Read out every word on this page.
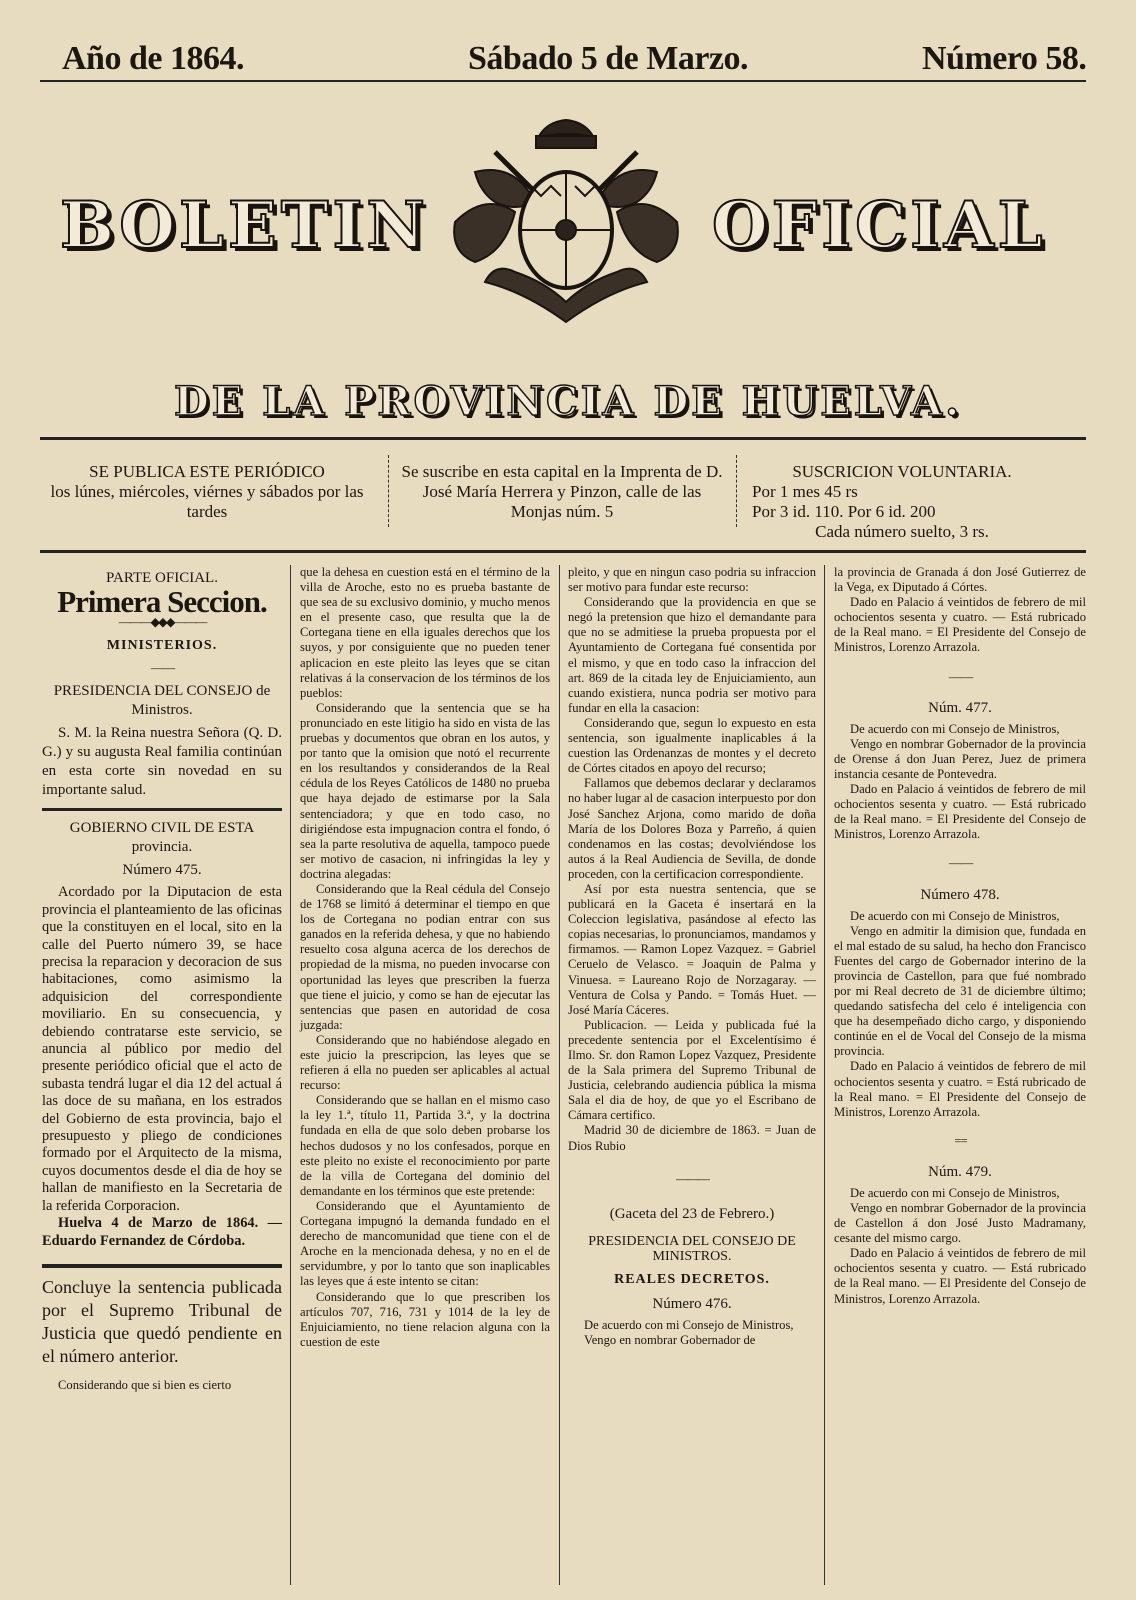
Año de 1864.	Sábado 5 de Marzo.	Número 58.
BOLETIN	OFICIAL
DE LA PROVINCIA DE HUELVA.
SE PUBLICA ESTE PERIÓDICO
los lúnes, miércoles, viérnes y sábados por las tardes
Se suscribe en esta capital en la Imprenta de D. José María Herrera y Pinzon, calle de las Monjas núm. 5
SUSCRICION VOLUNTARIA.
Por 1 mes 45 rs
Por 3 id. 110. Por 6 id. 200
Cada número suelto, 3 rs.

PARTE OFICIAL.

Primera Seccion.
———◆◆◆———
MINISTERIOS.
— —

PRESIDENCIA DEL CONSEJO de Ministros.

S. M. la Reina nuestra Señora (Q. D. G.) y su augusta Real familia continúan en esta corte sin novedad en su importante salud.

GOBIERNO CIVIL DE ESTA provincia.

Número 475.

Acordado por la Diputacion de esta provincia el planteamiento de las oficinas que la constituyen en el local, sito en la calle del Puerto número 39, se hace precisa la reparacion y decoracion de sus habitaciones, como asimismo la adquisicion del correspondiente moviliario. En su consecuencia, y debiendo contratarse este servicio, se anuncia al público por medio del presente periódico oficial que el acto de subasta tendrá lugar el dia 12 del actual á las doce de su mañana, en los estrados del Gobierno de esta provincia, bajo el presupuesto y pliego de condiciones formado por el Arquitecto de la misma, cuyos documentos desde el dia de hoy se hallan de manifiesto en la Secretaria de la referida Corporacion.

Huelva 4 de Marzo de 1864. — Eduardo Fernandez de Córdoba.

Concluye la sentencia publicada por el Supremo Tribunal de Justicia que quedó pendiente en el número anterior.

Considerando que si bien es cierto

que la dehesa en cuestion está en el término de la villa de Aroche, esto no es prueba bastante de que sea de su exclusivo dominio, y mucho menos en el presente caso, que resulta que la de Cortegana tiene en ella iguales derechos que los suyos, y por consiguiente que no pueden tener aplicacion en este pleito las leyes que se citan relativas á la conservacion de los términos de los pueblos:

Considerando que la sentencia que se ha pronunciado en este litigio ha sido en vista de las pruebas y documentos que obran en los autos, y por tanto que la omision que notó el recurrente en los resultandos y considerandos de la Real cédula de los Reyes Católicos de 1480 no prueba que haya dejado de estimarse por la Sala sentenciadora; y que en todo caso, no dirigiéndose esta impugnacion contra el fondo, ó sea la parte resolutiva de aquella, tampoco puede ser motivo de casacion, ni infringidas la ley y doctrina alegadas:

Considerando que la Real cédula del Consejo de 1768 se limitó á determinar el tiempo en que los de Cortegana no podian entrar con sus ganados en la referida dehesa, y que no habiendo resuelto cosa alguna acerca de los derechos de propiedad de la misma, no pueden invocarse con oportunidad las leyes que prescriben la fuerza que tiene el juicio, y como se han de ejecutar las sentencias que pasen en autoridad de cosa juzgada:

Considerando que no habiéndose alegado en este juicio la prescripcion, las leyes que se refieren á ella no pueden ser aplicables al actual recurso:

Considerando que se hallan en el mismo caso la ley 1.ª, título 11, Partida 3.ª, y la doctrina fundada en ella de que solo deben probarse los hechos dudosos y no los confesados, porque en este pleito no existe el reconocimiento por parte de la villa de Cortegana del dominio del demandante en los términos que este pretende:

Considerando que el Ayuntamiento de Cortegana impugnó la demanda fundado en el derecho de mancomunidad que tiene con el de Aroche en la mencionada dehesa, y no en el de servidumbre, y por lo tanto que son inaplicables las leyes que á este intento se citan:

Considerando que lo que prescriben los artículos 707, 716, 731 y 1014 de la ley de Enjuiciamiento, no tiene relacion alguna con la cuestion de este

pleito, y que en ningun caso podria su infraccion ser motivo para fundar este recurso:

Considerando que la providencia en que se negó la pretension que hizo el demandante para que no se admitiese la prueba propuesta por el Ayuntamiento de Cortegana fué consentida por el mismo, y que en todo caso la infraccion del art. 869 de la citada ley de Enjuiciamiento, aun cuando existiera, nunca podria ser motivo para fundar en ella la casacion:

Considerando que, segun lo expuesto en esta sentencia, son igualmente inaplicables á la cuestion las Ordenanzas de montes y el decreto de Córtes citados en apoyo del recurso;

Fallamos que debemos declarar y declaramos no haber lugar al de casacion interpuesto por don José Sanchez Arjona, como marido de doña María de los Dolores Boza y Parreño, á quien condenamos en las costas; devolviéndose los autos á la Real Audiencia de Sevilla, de donde proceden, con la certificacion correspondiente.

Así por esta nuestra sentencia, que se publicará en la Gaceta é insertará en la Coleccion legislativa, pasándose al efecto las copias necesarias, lo pronunciamos, mandamos y firmamos. — Ramon Lopez Vazquez. = Gabriel Ceruelo de Velasco. = Joaquin de Palma y Vinuesa. = Laureano Rojo de Norzagaray. — Ventura de Colsa y Pando. = Tomás Huet. — José María Cáceres.

Publicacion. — Leida y publicada fué la precedente sentencia por el Excelentísimo é Ilmo. Sr. don Ramon Lopez Vazquez, Presidente de la Sala primera del Supremo Tribunal de Justicia, celebrando audiencia pública la misma Sala el dia de hoy, de que yo el Escribano de Cámara certifico.

Madrid 30 de diciembre de 1863. = Juan de Dios Rubio

—⁠—⁠—

(Gaceta del 23 de Febrero.)

PRESIDENCIA DEL CONSEJO DE MINISTROS.

REALES DECRETOS.

Número 476.

De acuerdo con mi Consejo de Ministros,

Vengo en nombrar Gobernador de

la provincia de Granada á don José Gutierrez de la Vega, ex Diputado á Córtes.

Dado en Palacio á veintidos de febrero de mil ochocientos sesenta y cuatro. — Está rubricado de la Real mano. = El Presidente del Consejo de Ministros, Lorenzo Arrazola.

— —

Núm. 477.

De acuerdo con mi Consejo de Ministros,

Vengo en nombrar Gobernador de la provincia de Orense á don Juan Perez, Juez de primera instancia cesante de Pontevedra.

Dado en Palacio á veintidos de febrero de mil ochocientos sesenta y cuatro. — Está rubricado de la Real mano. = El Presidente del Consejo de Ministros, Lorenzo Arrazola.

— —

Número 478.

De acuerdo con mi Consejo de Ministros,

Vengo en admitir la dimision que, fundada en el mal estado de su salud, ha hecho don Francisco Fuentes del cargo de Gobernador interino de la provincia de Castellon, para que fué nombrado por mi Real decreto de 31 de diciembre último; quedando satisfecha del celo é inteligencia con que ha desempeñado dicho cargo, y disponiendo continúe en el de Vocal del Consejo de la misma provincia.

Dado en Palacio á veintidos de febrero de mil ochocientos sesenta y cuatro. = Está rubricado de la Real mano. = El Presidente del Consejo de Ministros, Lorenzo Arrazola.

= =

Núm. 479.

De acuerdo con mi Consejo de Ministros,

Vengo en nombrar Gobernador de la provincia de Castellon á don José Justo Madramany, cesante del mismo cargo.

Dado en Palacio á veintidos de febrero de mil ochocientos sesenta y cuatro. — Está rubricado de la Real mano. — El Presidente del Consejo de Ministros, Lorenzo Arrazola.
